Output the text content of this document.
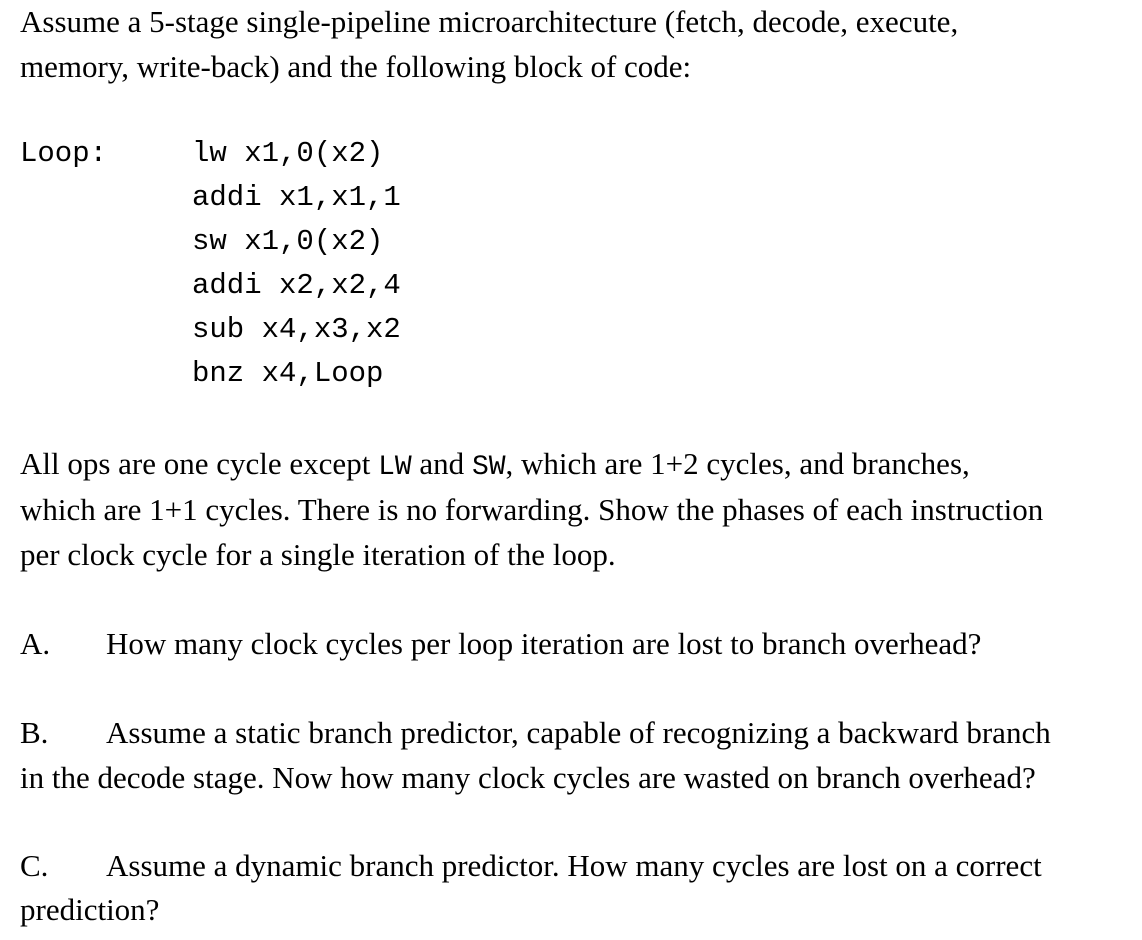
Assume a 5-stage single-pipeline microarchitecture (fetch, decode, execute,
memory, write-back) and the following block of code:
Loop:	lw x1,0(x2)
addi x1,x1,1
sw x1,0(x2)
addi x2,x2,4
sub x4,x3,x2
bnz x4,Loop
All ops are one cycle except LW and SW, which are 1+2 cycles, and branches,
which are 1+1 cycles. There is no forwarding. Show the phases of each instruction
per clock cycle for a single iteration of the loop.
A. How many clock cycles per loop iteration are lost to branch overhead?
B. Assume a static branch predictor, capable of recognizing a backward branch
in the decode stage. Now how many clock cycles are wasted on branch overhead?
C. Assume a dynamic branch predictor. How many cycles are lost on a correct
prediction?
